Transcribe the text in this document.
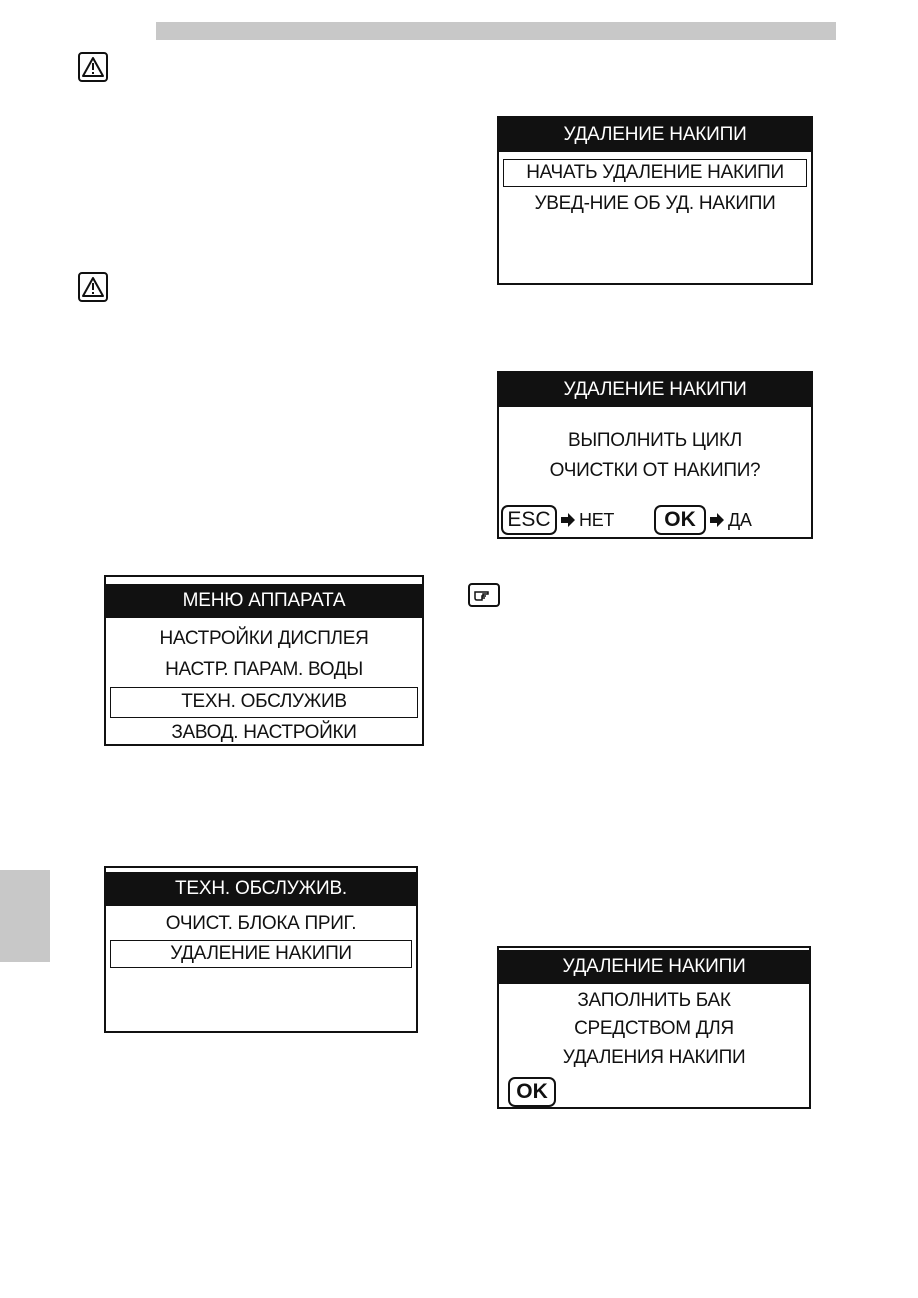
УДАЛЕНИЕ НАКИПИ
НАЧАТЬ УДАЛЕНИЕ НАКИПИ
УВЕД-НИЕ ОБ УД. НАКИПИ
УДАЛЕНИЕ НАКИПИ
ВЫПОЛНИТЬ ЦИКЛ
ОЧИСТКИ ОТ НАКИПИ?
ESC	НЕТ	OK	ДА
МЕНЮ АППАРАТА
НАСТРОЙКИ ДИСПЛЕЯ
НАСТР. ПАРАМ. ВОДЫ
ТЕХН. ОБСЛУЖИВ
ЗАВОД. НАСТРОЙКИ
ТЕХН. ОБСЛУЖИВ.
ОЧИСТ. БЛОКА ПРИГ.
УДАЛЕНИЕ НАКИПИ
УДАЛЕНИЕ НАКИПИ
ЗАПОЛНИТЬ БАК
СРЕДСТВОМ ДЛЯ
УДАЛЕНИЯ НАКИПИ
OK
